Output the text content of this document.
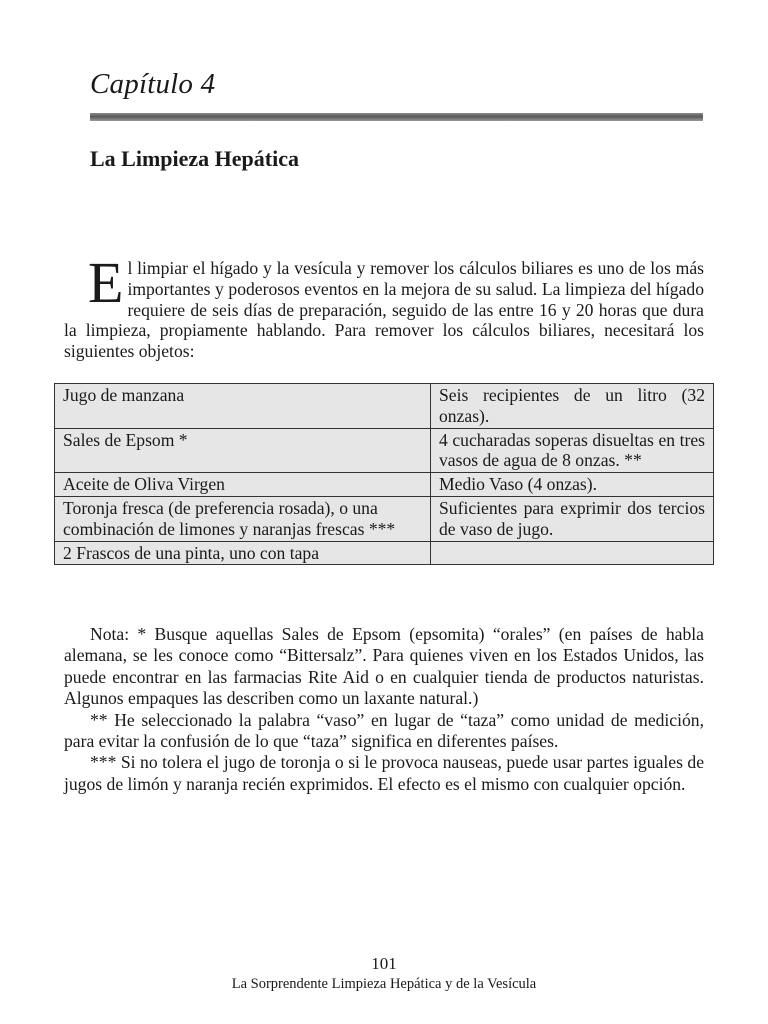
Capítulo 4
La Limpieza Hepática
El limpiar el hígado y la vesícula y remover los cálculos biliares es uno de los más importantes y poderosos eventos en la mejora de su salud. La limpieza del hígado requiere de seis días de preparación, seguido de las entre 16 y 20 horas que dura la limpieza, propiamente hablando. Para remover los cálculos biliares, necesitará los siguientes objetos:
Jugo de manzana	Seis recipientes de un litro (32 onzas).
Sales de Epsom *	4 cucharadas soperas disueltas en tres vasos de agua de 8 onzas. **
Aceite de Oliva Virgen	Medio Vaso (4 onzas).
Toronja fresca (de preferencia rosada), o una combinación de limones y naranjas frescas ***	Suficientes para exprimir dos tercios de vaso de jugo.
2 Frascos de una pinta, uno con tapa	

Nota: * Busque aquellas Sales de Epsom (epsomita) “orales” (en países de habla alemana, se les conoce como “Bittersalz”. Para quienes viven en los Estados Unidos, las puede encontrar en las farmacias Rite Aid o en cualquier tienda de productos naturistas. Algunos empaques las describen como un laxante natural.)

** He seleccionado la palabra “vaso” en lugar de “taza” como unidad de medición, para evitar la confusión de lo que “taza” significa en diferentes países.

*** Si no tolera el jugo de toronja o si le provoca nauseas, puede usar partes iguales de jugos de limón y naranja recién exprimidos. El efecto es el mismo con cualquier opción.

101
La Sorprendente Limpieza Hepática y de la Vesícula
